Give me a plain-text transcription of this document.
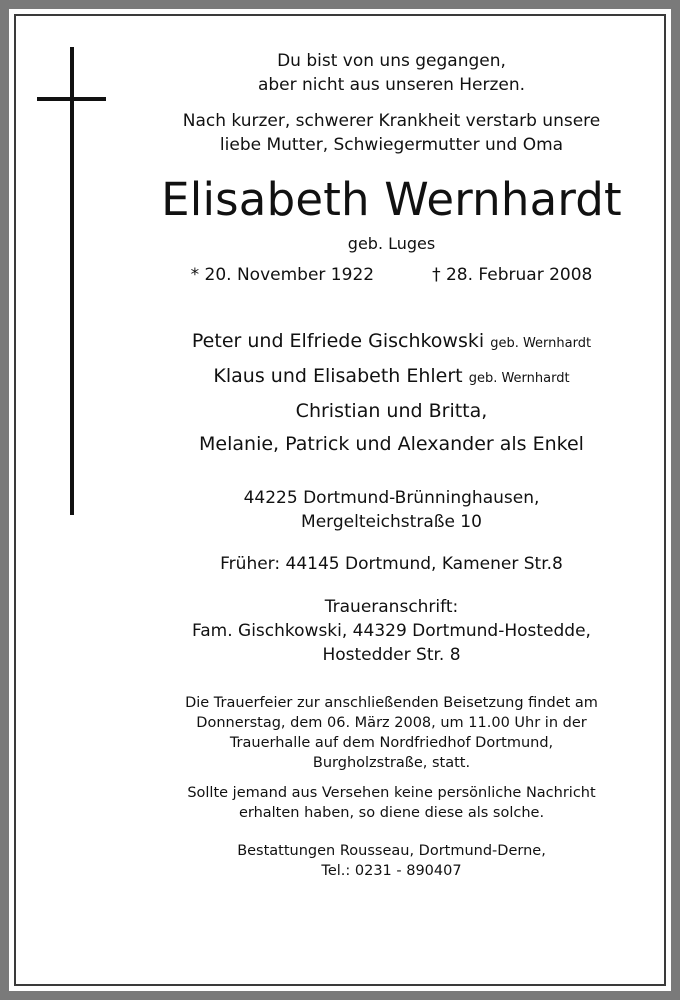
Du bist von uns gegangen,
aber nicht aus unseren Herzen.
Nach kurzer, schwerer Krankheit verstarb unsere
liebe Mutter, Schwiegermutter und Oma
Elisabeth Wernhardt
geb. Luges
* 20. November 1922	† 28. Februar 2008
Peter und Elfriede Gischkowski geb. Wernhardt
Klaus und Elisabeth Ehlert geb. Wernhardt
Christian und Britta,
Melanie, Patrick und Alexander als Enkel
44225 Dortmund-Brünninghausen,
Mergelteichstraße 10
Früher: 44145 Dortmund, Kamener Str.8
Traueranschrift:
Fam. Gischkowski, 44329 Dortmund-Hostedde,
Hostedder Str. 8
Die Trauerfeier zur anschließenden Beisetzung findet am
Donnerstag, dem 06. März 2008, um 11.00 Uhr in der
Trauerhalle auf dem Nordfriedhof Dortmund,
Burgholzstraße, statt.
Sollte jemand aus Versehen keine persönliche Nachricht
erhalten haben, so diene diese als solche.
Bestattungen Rousseau, Dortmund-Derne,
Tel.: 0231 - 890407
